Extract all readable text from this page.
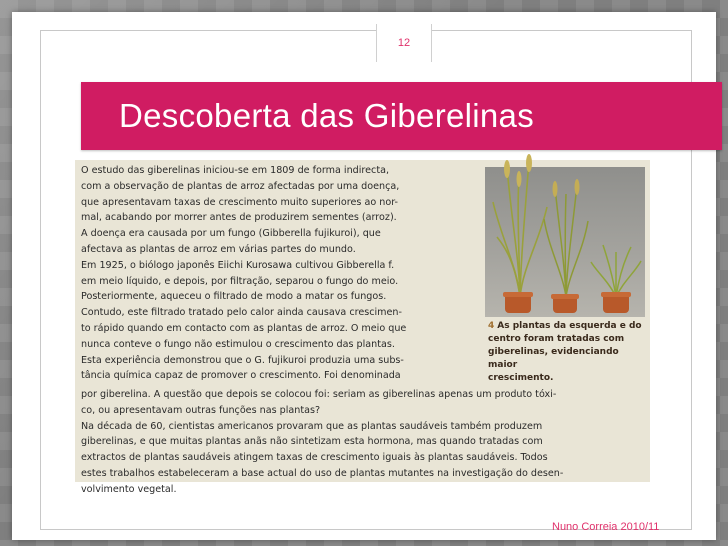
12
Descoberta das Giberelinas

O estudo das giberelinas iniciou-se em 1809 de forma indirecta,

com a observação de plantas de arroz afectadas por uma doença,

que apresentavam taxas de crescimento muito superiores ao nor-

mal, acabando por morrer antes de produzirem sementes (arroz).

A doença era causada por um fungo (Gibberella fujikuroi), que

afectava as plantas de arroz em várias partes do mundo.

Em 1925, o biólogo japonês Eiichi Kurosawa cultivou Gibberella f.

em meio líquido, e depois, por filtração, separou o fungo do meio.

Posteriormente, aqueceu o filtrado de modo a matar os fungos.

Contudo, este filtrado tratado pelo calor ainda causava crescimen-

to rápido quando em contacto com as plantas de arroz. O meio que

nunca conteve o fungo não estimulou o crescimento das plantas.

Esta experiência demonstrou que o G. fujikuroi produzia uma subs-

tância química capaz de promover o crescimento. Foi denominada

4 As plantas da esquerda e do
centro foram tratadas com
giberelinas, evidenciando maior
crescimento.

por giberelina. A questão que depois se colocou foi: seriam as giberelinas apenas um produto tóxi-

co, ou apresentavam outras funções nas plantas?

Na década de 60, cientistas americanos provaram que as plantas saudáveis também produzem

giberelinas, e que muitas plantas anãs não sintetizam esta hormona, mas quando tratadas com

extractos de plantas saudáveis atingem taxas de crescimento iguais às plantas saudáveis. Todos

estes trabalhos estabeleceram a base actual do uso de plantas mutantes na investigação do desen-

volvimento vegetal.

Nuno Correia 2010/11
